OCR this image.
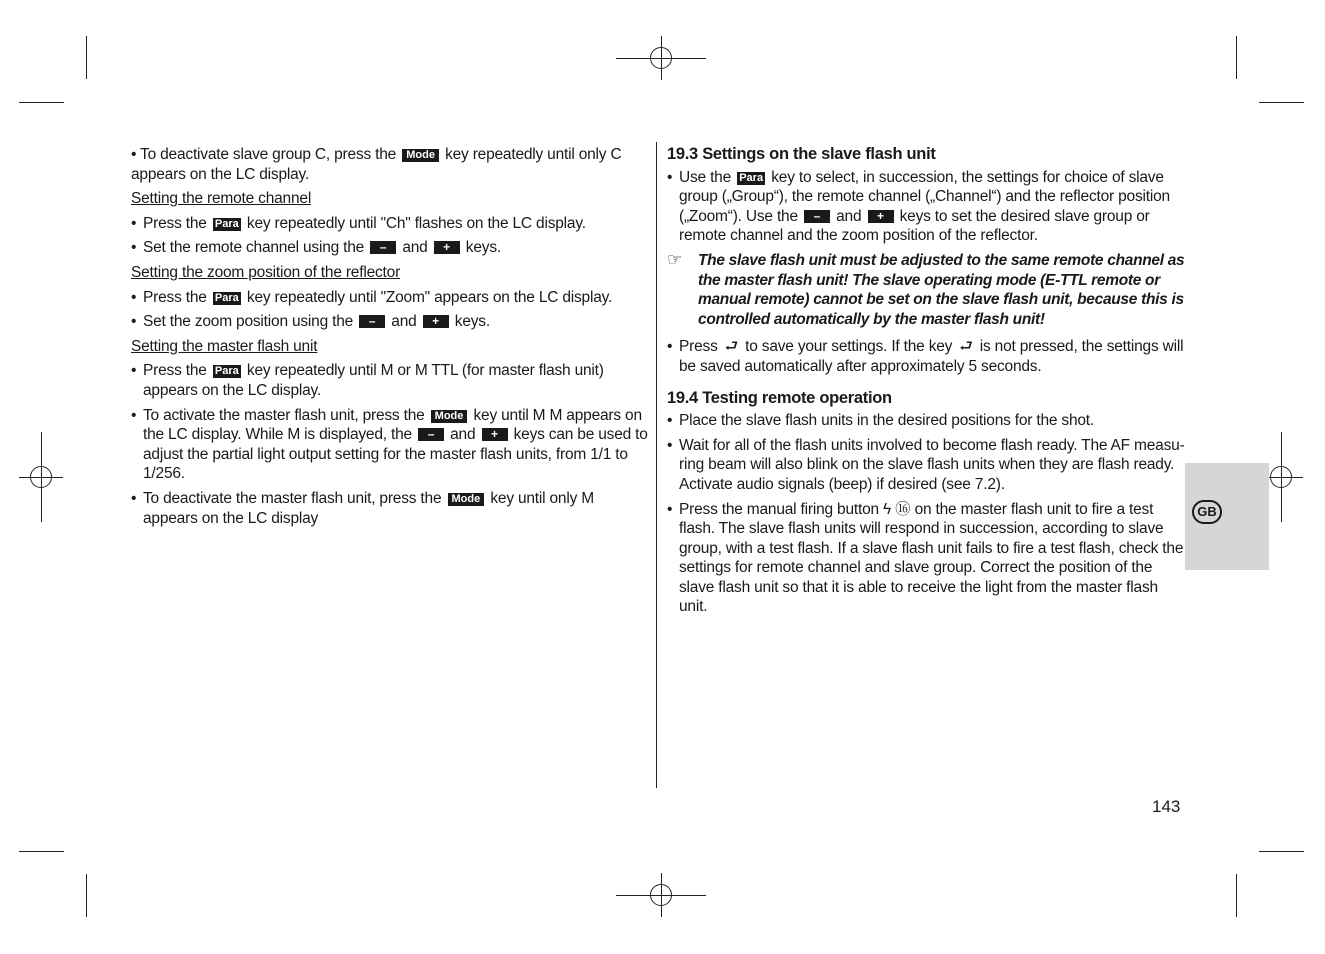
• To deactivate slave group C, press the Mode key repeatedly until only C appears on the LC display.

Setting the remote channel

• Press the Para key repeatedly until "Ch" flashes on the LC display.

• Set the remote channel using the – and + keys.

Setting the zoom position of the reflector

• Press the Para key repeatedly until "Zoom" appears on the LC display.

• Set the zoom position using the – and + keys.

Setting the master flash unit

• Press the Para key repeatedly until M or M TTL (for master flash unit) appears on the LC display.

• To activate the master flash unit, press the Mode key until M M appears on the LC display. While M is displayed, the – and + keys can be used to adjust the partial light output setting for the master flash units, from 1/1 to 1/256.

• To deactivate the master flash unit, press the Mode key until only M appears on the LC display

19.3 Settings on the slave flash unit

• Use the Para key to select, in succession, the settings for choice of slave group („Group“), the remote channel („Channel“) and the reflector position („Zoom“). Use the – and + keys to set the desired slave group or remote channel and the zoom position of the reflector.

☞ The slave flash unit must be adjusted to the same remote channel as the master flash unit! The slave operating mode (E-TTL remote or manual remote) cannot be set on the slave flash unit, because this is controlled automatically by the master flash unit!

• Press ⮐ to save your settings. If the key ⮐ is not pressed, the settings will be saved automatically after approximately 5 seconds.

19.4 Testing remote operation

• Place the slave flash units in the desired positions for the shot.

• Wait for all of the flash units involved to become flash ready. The AF measu-ring beam will also blink on the slave flash units when they are flash ready. Activate audio signals (beep) if desired (see 7.2).

• Press the manual firing button ϟ ⑯ on the master flash unit to fire a test flash. The slave flash units will respond in succession, according to slave group, with a test flash. If a slave flash unit fails to fire a test flash, check the settings for remote channel and slave group. Correct the position of the slave flash unit so that it is able to receive the light from the master flash unit.

GB
143
